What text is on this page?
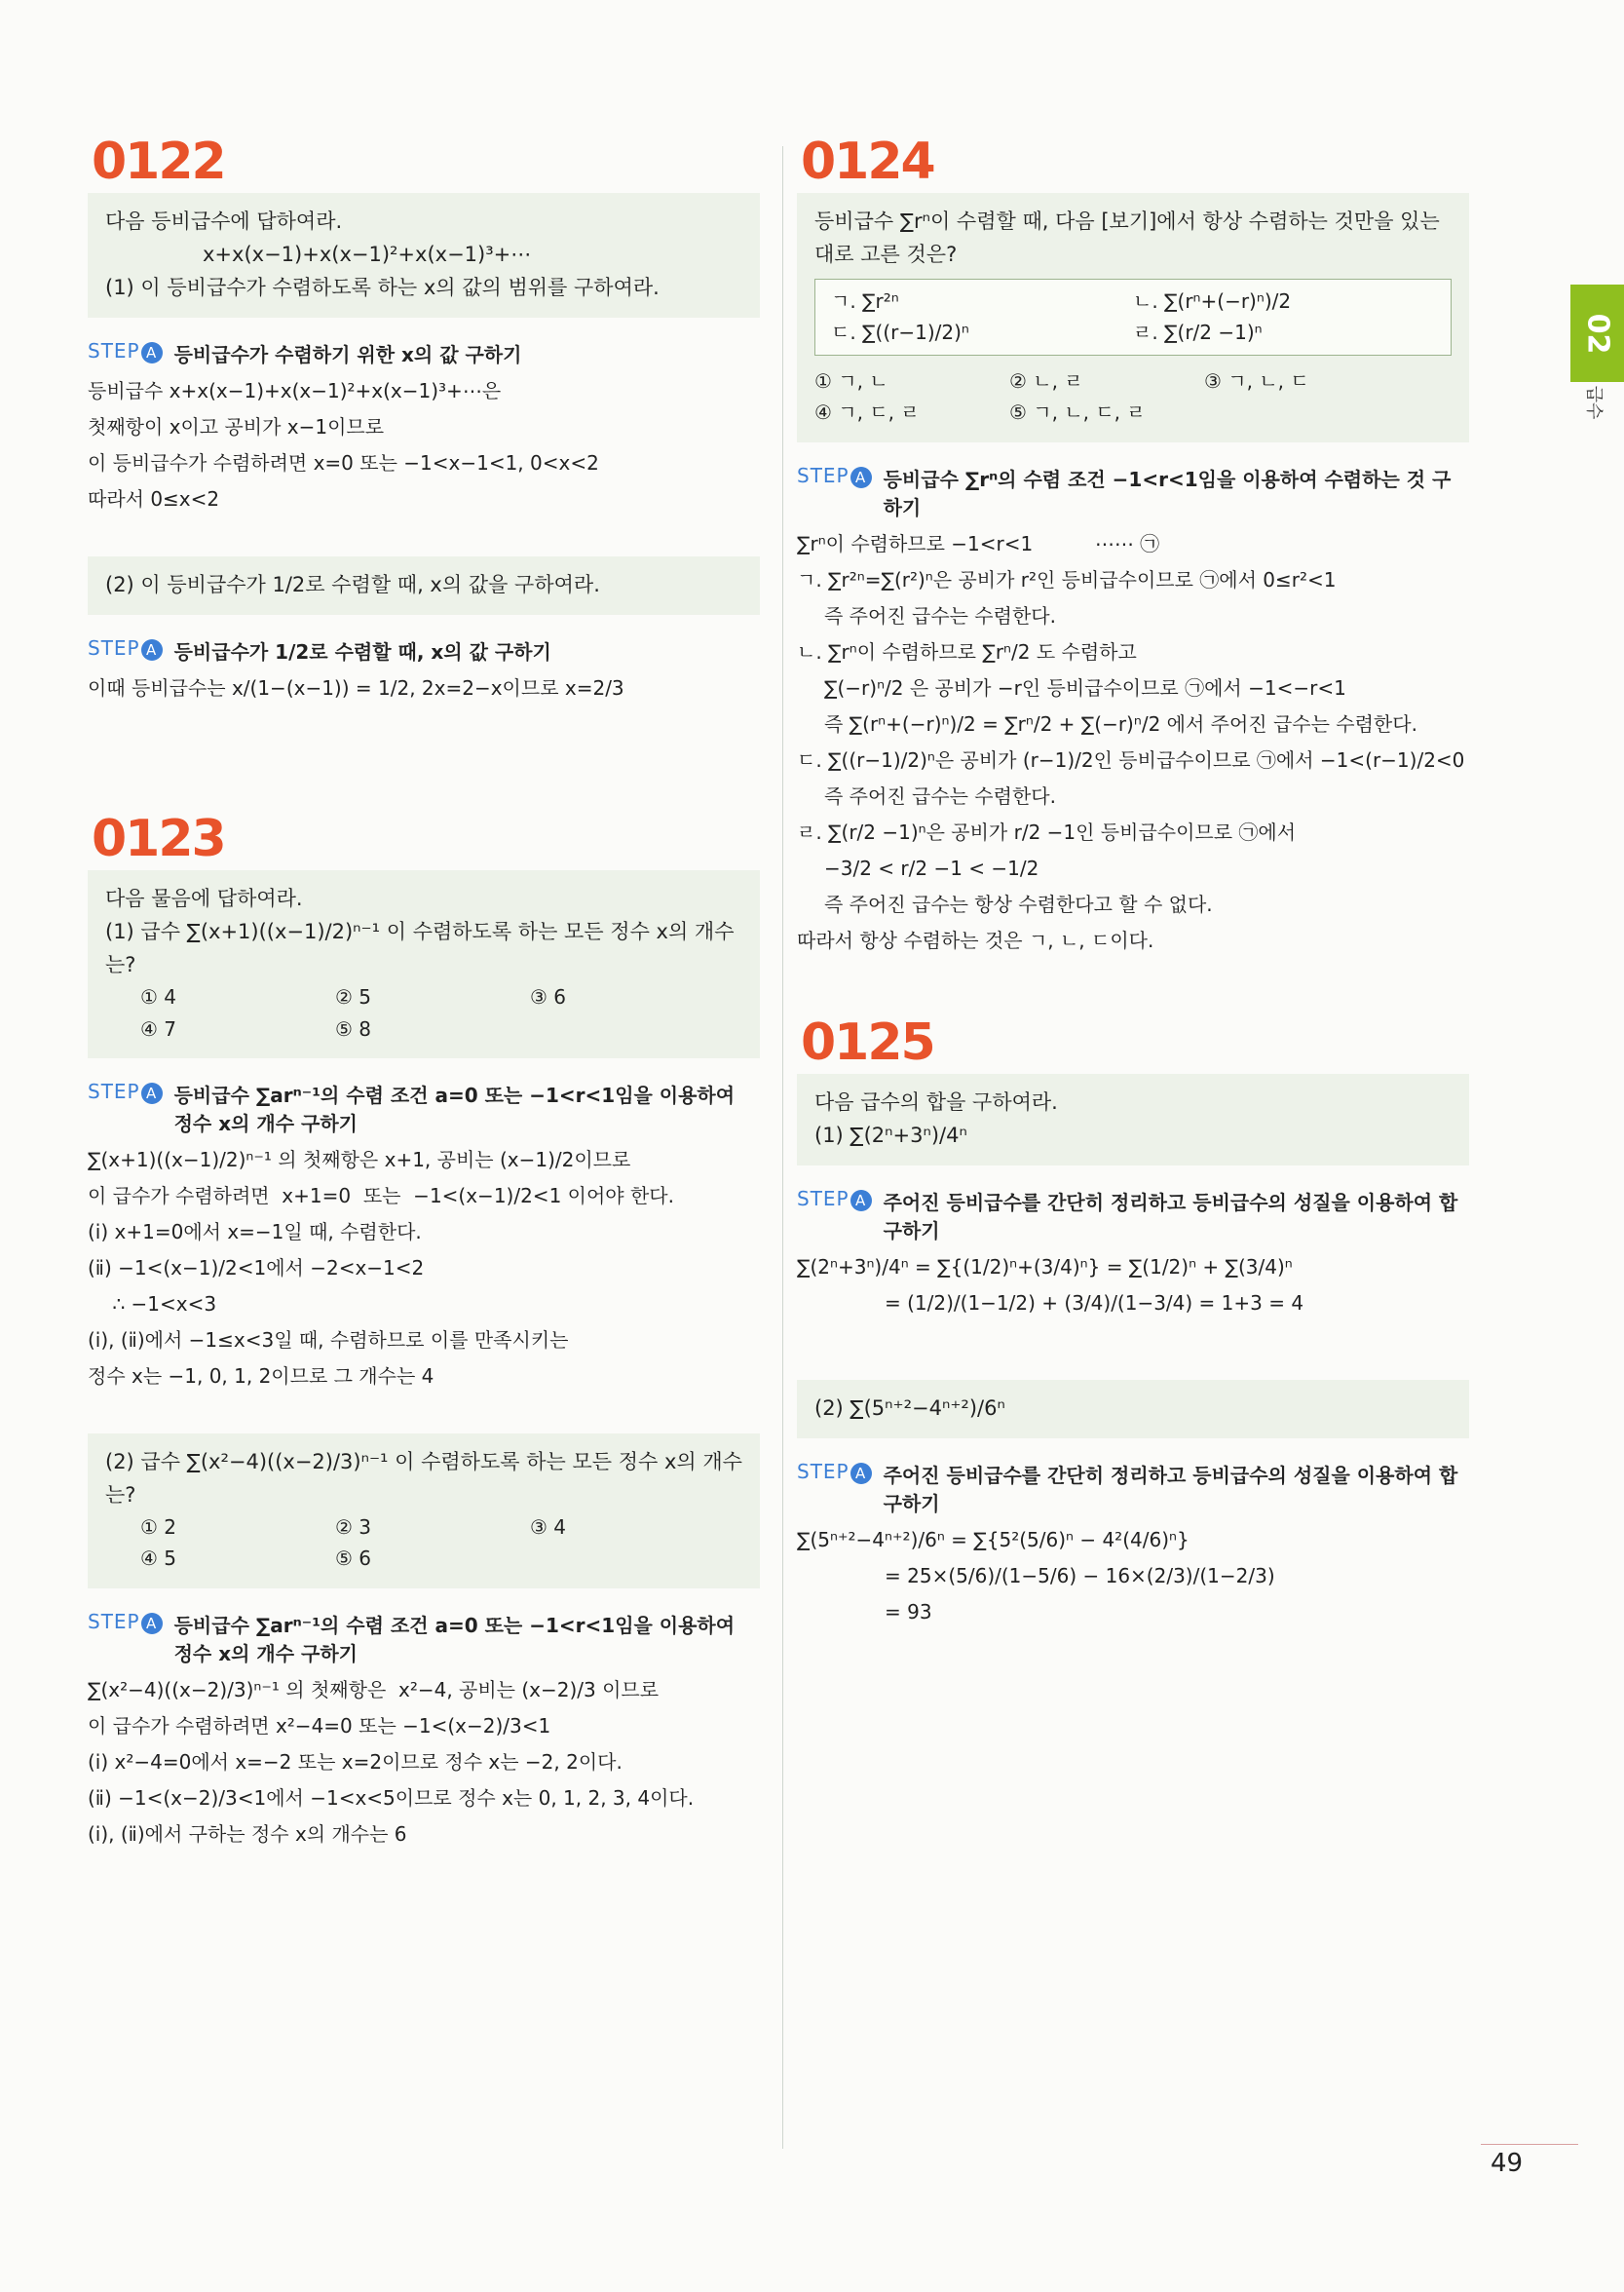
0122

다음 등비급수에 답하여라.

x+x(x−1)+x(x−1)²+x(x−1)³+⋯

(1) 이 등비급수가 수렴하도록 하는 x의 값의 범위를 구하여라.

STEP A 등비급수가 수렴하기 위한 x의 값 구하기

등비급수 x+x(x−1)+x(x−1)²+x(x−1)³+⋯은

첫째항이 x이고 공비가 x−1이므로

이 등비급수가 수렴하려면 x=0 또는 −1<x−1<1, 0<x<2

따라서 0≤x<2

(2) 이 등비급수가 1/2로 수렴할 때, x의 값을 구하여라.

STEP A 등비급수가 1/2로 수렴할 때, x의 값 구하기

이때 등비급수는 x/(1−(x−1)) = 1/2, 2x=2−x이므로 x=2/3

0123

다음 물음에 답하여라.

(1) 급수 ∑(x+1)((x−1)/2)ⁿ⁻¹ 이 수렴하도록 하는 모든 정수 x의 개수는?

① 4	② 5	③ 6
④ 7	⑤ 8
STEP A 등비급수 ∑arⁿ⁻¹의 수렴 조건 a=0 또는 −1<r<1임을 이용하여 정수 x의 개수 구하기

∑(x+1)((x−1)/2)ⁿ⁻¹ 의 첫째항은 x+1, 공비는 (x−1)/2이므로

이 급수가 수렴하려면  x+1=0  또는  −1<(x−1)/2<1 이어야 한다.

(ⅰ) x+1=0에서 x=−1일 때, 수렴한다.

(ⅱ) −1<(x−1)/2<1에서 −2<x−1<2

∴ −1<x<3

(ⅰ), (ⅱ)에서 −1≤x<3일 때, 수렴하므로 이를 만족시키는

정수 x는 −1, 0, 1, 2이므로 그 개수는 4

(2) 급수 ∑(x²−4)((x−2)/3)ⁿ⁻¹ 이 수렴하도록 하는 모든 정수 x의 개수는?

① 2	② 3	③ 4
④ 5	⑤ 6
STEP A 등비급수 ∑arⁿ⁻¹의 수렴 조건 a=0 또는 −1<r<1임을 이용하여 정수 x의 개수 구하기

∑(x²−4)((x−2)/3)ⁿ⁻¹ 의 첫째항은  x²−4, 공비는 (x−2)/3 이므로

이 급수가 수렴하려면 x²−4=0 또는 −1<(x−2)/3<1

(ⅰ) x²−4=0에서 x=−2 또는 x=2이므로 정수 x는 −2, 2이다.

(ⅱ) −1<(x−2)/3<1에서 −1<x<5이므로 정수 x는 0, 1, 2, 3, 4이다.

(ⅰ), (ⅱ)에서 구하는 정수 x의 개수는 6

0124

등비급수 ∑rⁿ이 수렴할 때, 다음 [보기]에서 항상 수렴하는 것만을 있는 대로 고른 것은?

ㄱ. ∑r²ⁿ	ㄴ. ∑(rⁿ+(−r)ⁿ)/2
ㄷ. ∑((r−1)/2)ⁿ	ㄹ. ∑(r/2 −1)ⁿ
① ㄱ, ㄴ	② ㄴ, ㄹ	③ ㄱ, ㄴ, ㄷ
④ ㄱ, ㄷ, ㄹ	⑤ ㄱ, ㄴ, ㄷ, ㄹ
STEP A 등비급수 ∑rⁿ의 수렴 조건 −1<r<1임을 이용하여 수렴하는 것 구하기

∑rⁿ이 수렴하므로 −1<r<1          ⋯⋯ ㉠

ㄱ. ∑r²ⁿ=∑(r²)ⁿ은 공비가 r²인 등비급수이므로 ㉠에서 0≤r²<1

즉 주어진 급수는 수렴한다.

ㄴ. ∑rⁿ이 수렴하므로 ∑rⁿ/2 도 수렴하고

∑(−r)ⁿ/2 은 공비가 −r인 등비급수이므로 ㉠에서 −1<−r<1

즉 ∑(rⁿ+(−r)ⁿ)/2 = ∑rⁿ/2 + ∑(−r)ⁿ/2 에서 주어진 급수는 수렴한다.

ㄷ. ∑((r−1)/2)ⁿ은 공비가 (r−1)/2인 등비급수이므로 ㉠에서 −1<(r−1)/2<0

즉 주어진 급수는 수렴한다.

ㄹ. ∑(r/2 −1)ⁿ은 공비가 r/2 −1인 등비급수이므로 ㉠에서

−3/2 < r/2 −1 < −1/2

즉 주어진 급수는 항상 수렴한다고 할 수 없다.

따라서 항상 수렴하는 것은 ㄱ, ㄴ, ㄷ이다.

0125

다음 급수의 합을 구하여라.

(1) ∑(2ⁿ+3ⁿ)/4ⁿ

STEP A 주어진 등비급수를 간단히 정리하고 등비급수의 성질을 이용하여 합 구하기

∑(2ⁿ+3ⁿ)/4ⁿ = ∑{(1/2)ⁿ+(3/4)ⁿ} = ∑(1/2)ⁿ + ∑(3/4)ⁿ

= (1/2)/(1−1/2) + (3/4)/(1−3/4) = 1+3 = 4

(2) ∑(5ⁿ⁺²−4ⁿ⁺²)/6ⁿ

STEP A 주어진 등비급수를 간단히 정리하고 등비급수의 성질을 이용하여 합 구하기

∑(5ⁿ⁺²−4ⁿ⁺²)/6ⁿ = ∑{5²(5/6)ⁿ − 4²(4/6)ⁿ}

= 25×(5/6)/(1−5/6) − 16×(2/3)/(1−2/3)

= 93

02
급수
49
